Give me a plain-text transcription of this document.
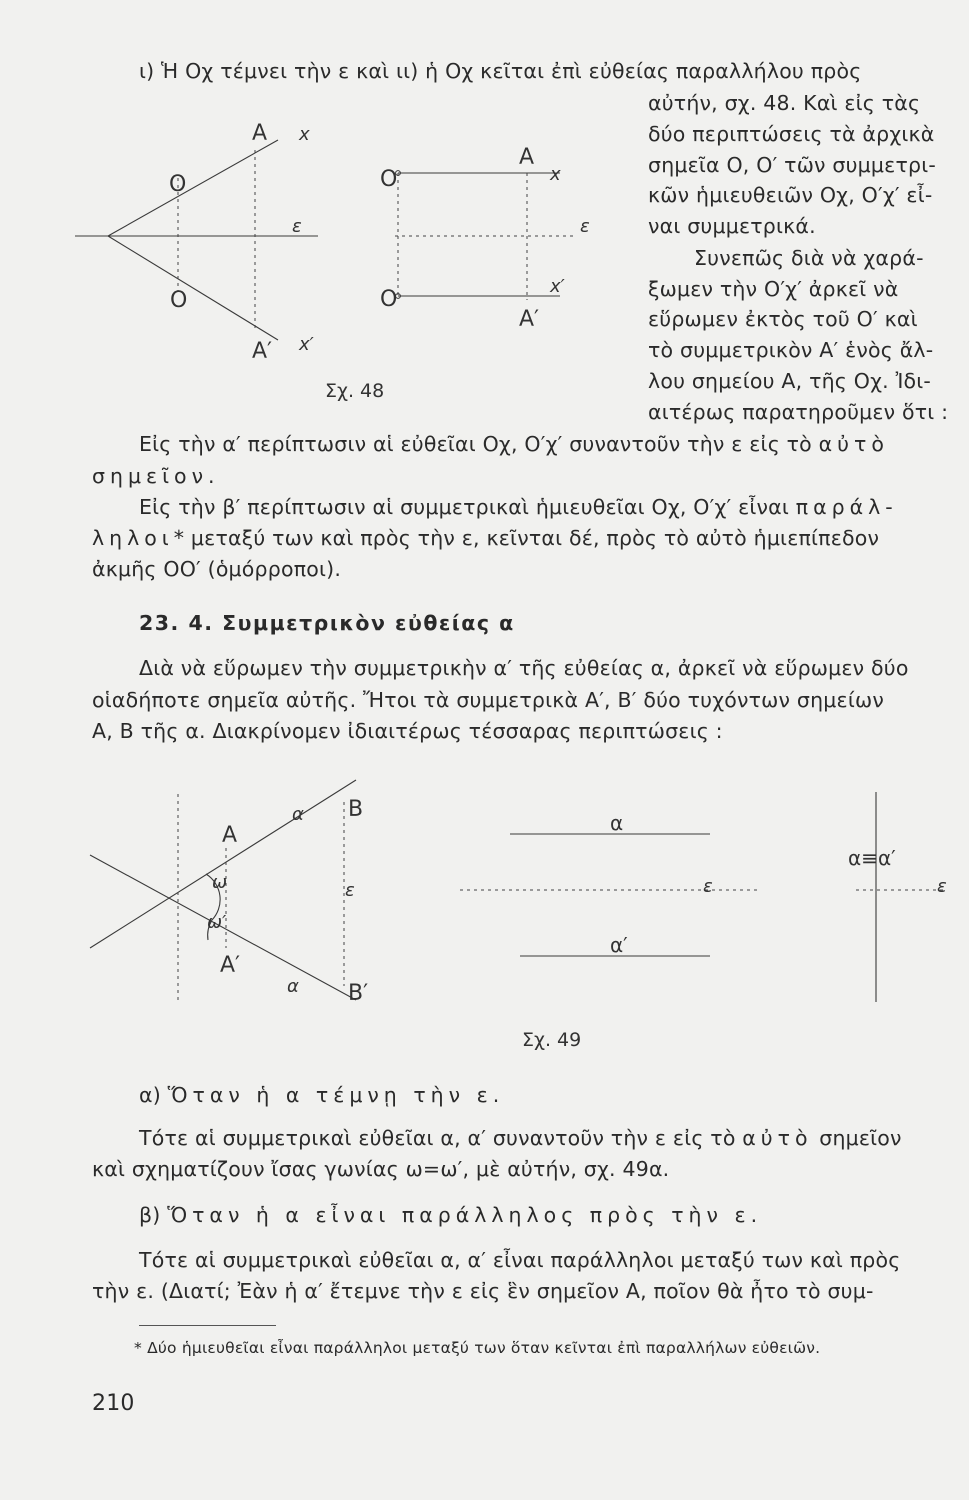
Α x
O
ε
O
Α′ x′
O
Α
x
ε
O
Α′
x′
Σχ. 48
α Β
Α
ω	ε
ω′
Α′
α Β′
α
ε
α′
α≡α′
ε
Σχ. 49
ι) Ἡ Οχ τέμνει τὴν ε καὶ ιι) ἡ Οχ κεῖται ἐπὶ εὐθείας παραλλήλου πρὸς
αὐτήν, σχ. 48. Καὶ εἰς τὰς
δύο περιπτώσεις τὰ ἀρχικὰ
σημεῖα Ο, Ο′ τῶν συμμετρι-
κῶν ἡμιευθειῶν Οχ, Ο′χ′ εἶ-
ναι συμμετρικά.
Συνεπῶς διὰ νὰ χαρά-
ξωμεν τὴν Ο′χ′ ἀρκεῖ νὰ
εὕρωμεν ἐκτὸς τοῦ Ο′ καὶ
τὸ συμμετρικὸν Α′ ἑνὸς ἄλ-
λου σημείου Α, τῆς Οχ. Ἰδι-
αιτέρως παρατηροῦμεν ὅτι :
Εἰς τὴν α′ περίπτωσιν αἱ εὐθεῖαι Οχ, Ο′χ′ συναντοῦν τὴν ε εἰς τὸ αὐτὸ
σημεῖον.
Εἰς τὴν β′ περίπτωσιν αἱ συμμετρικαὶ ἡμιευθεῖαι Οχ, Ο′χ′ εἶναι παράλ-
ληλοι* μεταξύ των καὶ πρὸς τὴν ε, κεῖνται δέ, πρὸς τὸ αὐτὸ ἡμιεπίπεδον
ἀκμῆς ΟΟ′ (ὁμόρροποι).
23. 4. Συμμετρικὸν εὐθείας α
Διὰ νὰ εὕρωμεν τὴν συμμετρικὴν α′ τῆς εὐθείας α, ἀρκεῖ νὰ εὕρωμεν δύο
οἱαδήποτε σημεῖα αὐτῆς. Ἤτοι τὰ συμμετρικὰ Α′, Β′ δύο τυχόντων σημείων
Α, Β τῆς α. Διακρίνομεν ἰδιαιτέρως τέσσαρας περιπτώσεις :
α) Ὅταν ἡ α τέμνῃ τὴν ε.
Τότε αἱ συμμετρικαὶ εὐθεῖαι α, α′ συναντοῦν τὴν ε εἰς τὸ αὐτὸ σημεῖον
καὶ σχηματίζουν ἴσας γωνίας ω=ω′, μὲ αὐτήν, σχ. 49α.
β) Ὅταν ἡ α εἶναι παράλληλος πρὸς τὴν ε.
Τότε αἱ συμμετρικαὶ εὐθεῖαι α, α′ εἶναι παράλληλοι μεταξύ των καὶ πρὸς
τὴν ε. (Διατί; Ἐὰν ἡ α′ ἔτεμνε τὴν ε εἰς ἓν σημεῖον Α, ποῖον θὰ ἦτο τὸ συμ-
* Δύο ἡμιευθεῖαι εἶναι παράλληλοι μεταξύ των ὅταν κεῖνται ἐπὶ παραλλήλων εὐθειῶν.
210
